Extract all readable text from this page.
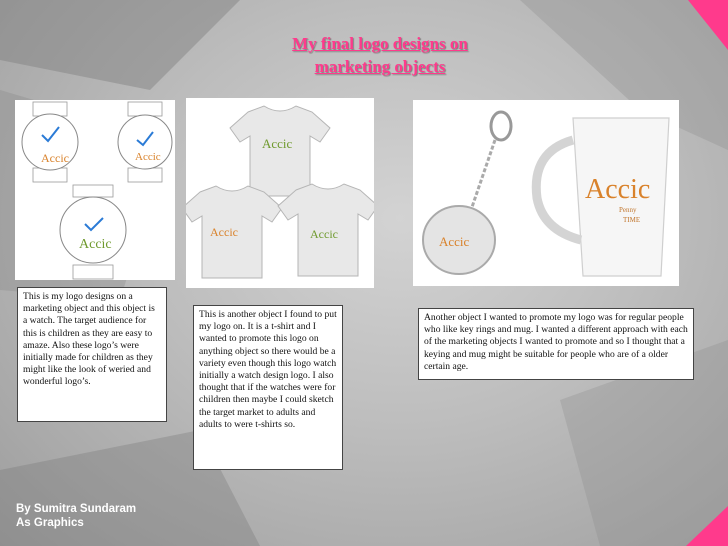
My final logo designs on
marketing objects
Accic	Accic
Accic
Accic
Accic	Accic	Accic
Accic
Penny
TIME
This is my logo designs on a marketing object and this object is a watch. The target audience for this is children as they are easy to amaze. Also these logo’s were initially made for children as they might like the look of weried and wonderful logo’s.
This is another object I found to put my logo on. It is a t-shirt and I wanted to promote this logo on anything object so there would be a variety even though this logo watch initially a watch design logo. I also thought that if the watches were for children then maybe I could sketch the target market to adults and adults to were t-shirts so.
Another object I wanted to promote my logo was for regular people who like key rings and mug. I wanted a different approach with each of the marketing objects I wanted to promote and so I thought that a keying and mug might be suitable for people who are of a older certain age.
By Sumitra Sundaram
As Graphics
